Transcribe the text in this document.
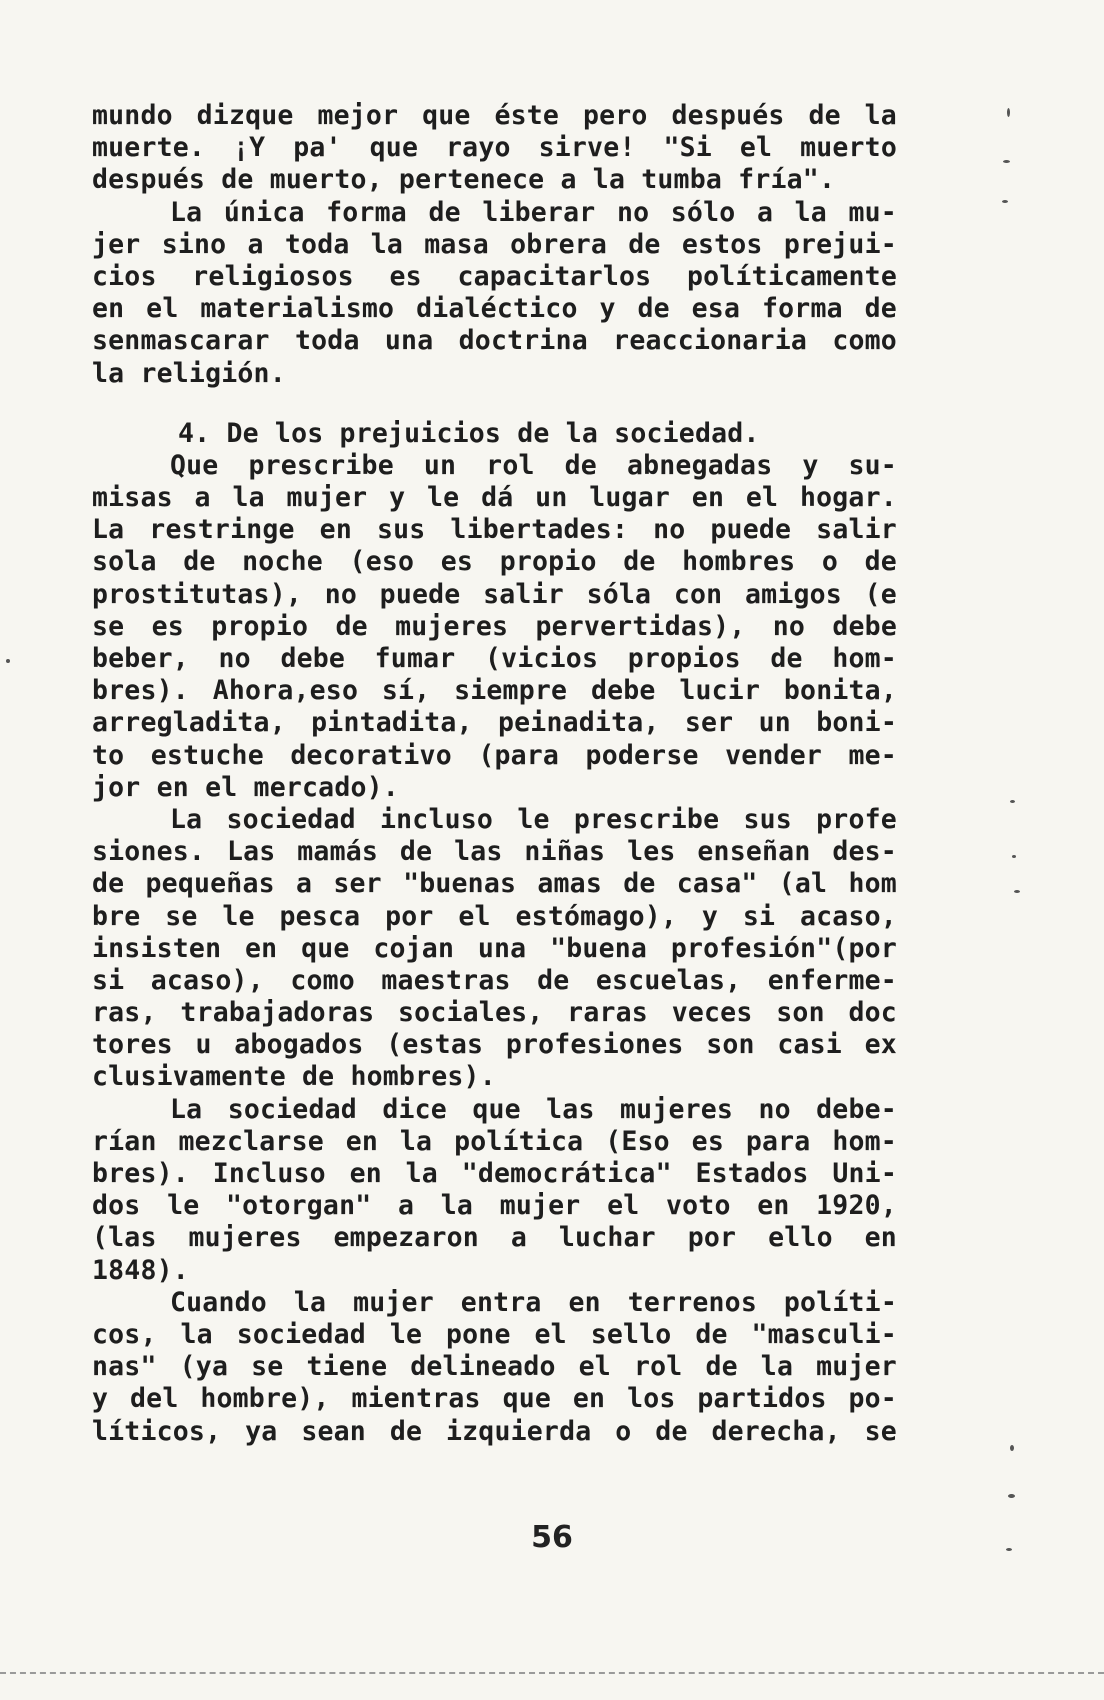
mundo dizque mejor que éste pero después de la
muerte. ¡Y pa' que rayo sirve! "Si el muerto
después de muerto, pertenece a la tumba fría".
La única forma de liberar no sólo a la mu-
jer sino a toda la masa obrera de estos prejui-
cios religiosos es capacitarlos políticamente
en el materialismo dialéctico y de esa forma de
senmascarar toda una doctrina reaccionaria como
la religión.
4. De los prejuicios de la sociedad.
Que prescribe un rol de abnegadas y su-
misas a la mujer y le dá un lugar en el hogar.
La restringe en sus libertades: no puede salir
sola de noche (eso es propio de hombres o de
prostitutas), no puede salir sóla con amigos (e
se es propio de mujeres pervertidas), no debe
beber, no debe fumar (vicios propios de hom-
bres). Ahora,eso sí, siempre debe lucir bonita,
arregladita, pintadita, peinadita, ser un boni-
to estuche decorativo (para poderse vender me-
jor en el mercado).
La sociedad incluso le prescribe sus profe
siones. Las mamás de las niñas les enseñan des-
de pequeñas a ser "buenas amas de casa" (al hom
bre se le pesca por el estómago), y si acaso,
insisten en que cojan una "buena profesión"(por
si acaso), como maestras de escuelas, enferme-
ras, trabajadoras sociales, raras veces son doc
tores u abogados (estas profesiones son casi ex
clusivamente de hombres).
La sociedad dice que las mujeres no debe-
rían mezclarse en la política (Eso es para hom-
bres). Incluso en la "democrática" Estados Uni-
dos le "otorgan" a la mujer el voto en 1920,
(las mujeres empezaron a luchar por ello en
1848).
Cuando la mujer entra en terrenos políti-
cos, la sociedad le pone el sello de "masculi-
nas" (ya se tiene delineado el rol de la mujer
y del hombre), mientras que en los partidos po-
líticos, ya sean de izquierda o de derecha, se
56
